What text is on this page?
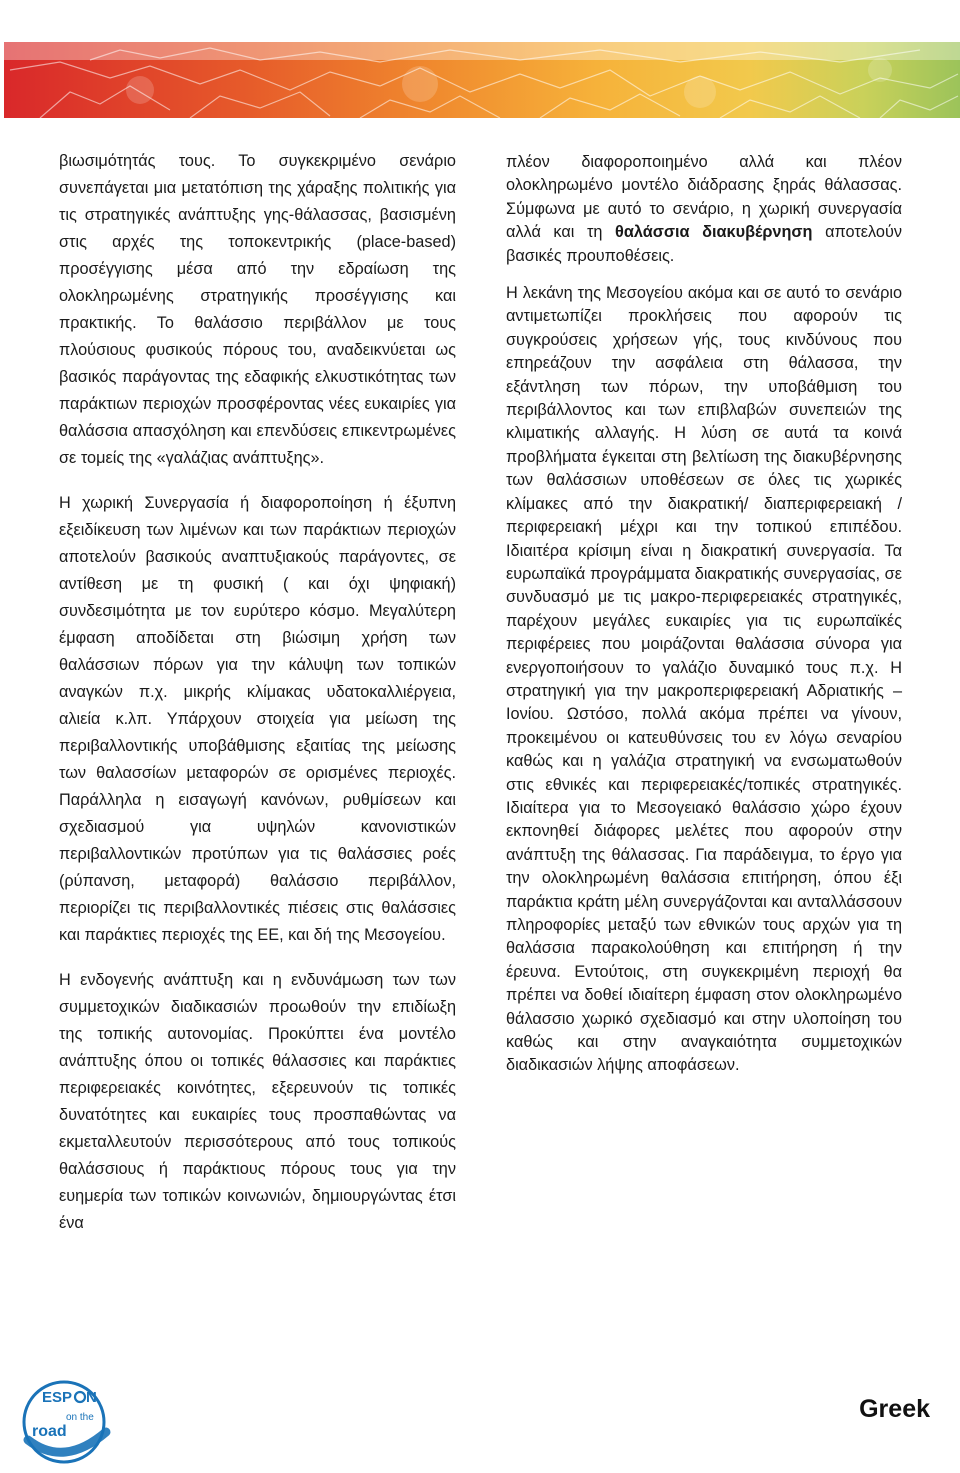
βιωσιμότητάς τους. Το συγκεκριμένο σενάριο συνεπάγεται μια μετατόπιση της χάραξης πολιτικής για τις στρατηγικές ανάπτυξης γης-θάλασσας, βασισμένη στις αρχές της τοποκεντρικής (place-based) προσέγγισης μέσα από την εδραίωση της ολοκληρωμένης στρατηγικής προσέγγισης και πρακτικής. Το θαλάσσιο περιβάλλον με τους πλούσιους φυσικούς πόρους του, αναδεικνύεται ως βασικός παράγοντας της εδαφικής ελκυστικότητας των παράκτιων περιοχών προσφέροντας νέες ευκαιρίες για θαλάσσια απασχόληση και επενδύσεις επικεντρωμένες σε τομείς της «γαλάζιας ανάπτυξης».

Η χωρική Συνεργασία ή διαφοροποίηση ή έξυπνη εξειδίκευση των λιμένων και των παράκτιων περιοχών αποτελούν βασικούς αναπτυξιακούς παράγοντες, σε αντίθεση με τη φυσική ( και όχι ψηφιακή) συνδεσιμότητα με τον ευρύτερο κόσμο. Μεγαλύτερη έμφαση αποδίδεται στη βιώσιμη χρήση των θαλάσσιων πόρων για την κάλυψη των τοπικών αναγκών π.χ. μικρής κλίμακας υδατοκαλλιέργεια, αλιεία κ.λπ. Υπάρχουν στοιχεία για μείωση της περιβαλλοντικής υποβάθμισης εξαιτίας της μείωσης των θαλασσίων μεταφορών σε ορισμένες περιοχές. Παράλληλα η εισαγωγή κανόνων, ρυθμίσεων και σχεδιασμού για υψηλών κανονιστικών περιβαλλοντικών προτύπων για τις θαλάσσιες ροές (ρύπανση, μεταφορά) θαλάσσιο περιβάλλον, περιορίζει τις περιβαλλοντικές πιέσεις στις θαλάσσιες και παράκτιες περιοχές της ΕΕ, και δή της Μεσογείου.

Η ενδογενής ανάπτυξη και η ενδυνάμωση των των συμμετοχικών διαδικασιών προωθούν την επιδίωξη της τοπικής αυτονομίας. Προκύπτει ένα μοντέλο ανάπτυξης όπου οι τοπικές θάλασσιες και παράκτιες περιφερειακές κοινότητες, εξερευνούν τις τοπικές δυνατότητες και ευκαιρίες τους προσπαθώντας να εκμεταλλευτούν περισσότερους από τους τοπικούς θαλάσσιους ή παράκτιους πόρους τους για την ευημερία των τοπικών κοινωνιών, δημιουργώντας έτσι ένα

πλέον διαφοροποιημένο αλλά και πλέον ολοκληρωμένο μοντέλο διάδρασης ξηράς θάλασσας. Σύμφωνα με αυτό το σενάριο, η χωρική συνεργασία αλλά και τη θαλάσσια διακυβέρνηση αποτελούν βασικές προυποθέσεις.

Η λεκάνη της Μεσογείου ακόμα και σε αυτό το σενάριο αντιμετωπίζει προκλήσεις που αφορούν τις συγκρούσεις χρήσεων γής, τους κινδύνους που επηρεάζουν την ασφάλεια στη θάλασσα, την εξάντληση των πόρων, την υποβάθμιση του περιβάλλοντος και των επιβλαβών συνεπειών της κλιματικής αλλαγής. Η λύση σε αυτά τα κοινά προβλήματα έγκειται στη βελτίωση της διακυβέρνησης των θαλάσσιων υποθέσεων σε όλες τις χωρικές κλίμακες από την διακρατική/ διαπεριφερειακή / περιφερειακή μέχρι και την τοπικού επιπέδου. Ιδιαιτέρα κρίσιμη είναι η διακρατική συνεργασία. Τα ευρωπαϊκά προγράμματα διακρατικής συνεργασίας, σε συνδυασμό με τις μακρο-περιφερειακές στρατηγικές, παρέχουν μεγάλες ευκαιρίες για τις ευρωπαϊκές περιφέρειες που μοιράζονται θαλάσσια σύνορα για ενεργοποιήσουν το γαλάζιο δυναμικό τους π.χ. Η στρατηγική για την μακροπεριφερειακή Αδριατικής –Ιονίου. Ωστόσο, πολλά ακόμα πρέπει να γίνουν, προκειμένου οι κατευθύνσεις του εν λόγω σεναρίου καθώς και η γαλάζια στρατηγική να ενσωματωθούν στις εθνικές και περιφερειακές/τοπικές στρατηγικές. Ιδιαίτερα για το Μεσογειακό θαλάσσιο χώρο έχουν εκπονηθεί διάφορες μελέτες που αφορούν στην ανάπτυξη της θάλασσας. Για παράδειγμα, το έργο για την ολοκληρωμένη θαλάσσια επιτήρηση, όπου έξι παράκτια κράτη μέλη συνεργάζονται και ανταλλάσσουν πληροφορίες μεταξύ των εθνικών τους αρχών για τη θαλάσσια παρακολούθηση και επιτήρηση ή την έρευνα. Εντούτοις, στη συγκεκριμένη περιοχή θα πρέπει να δοθεί ιδιαίτερη έμφαση στον ολοκληρωμένο θάλασσιο χωρικό σχεδιασμό και στην υλοποίηση του καθώς και στην αναγκαιότητα συμμετοχικών διαδικασιών λήψης αποφάσεων.

ESP N
on the
road
Greek
